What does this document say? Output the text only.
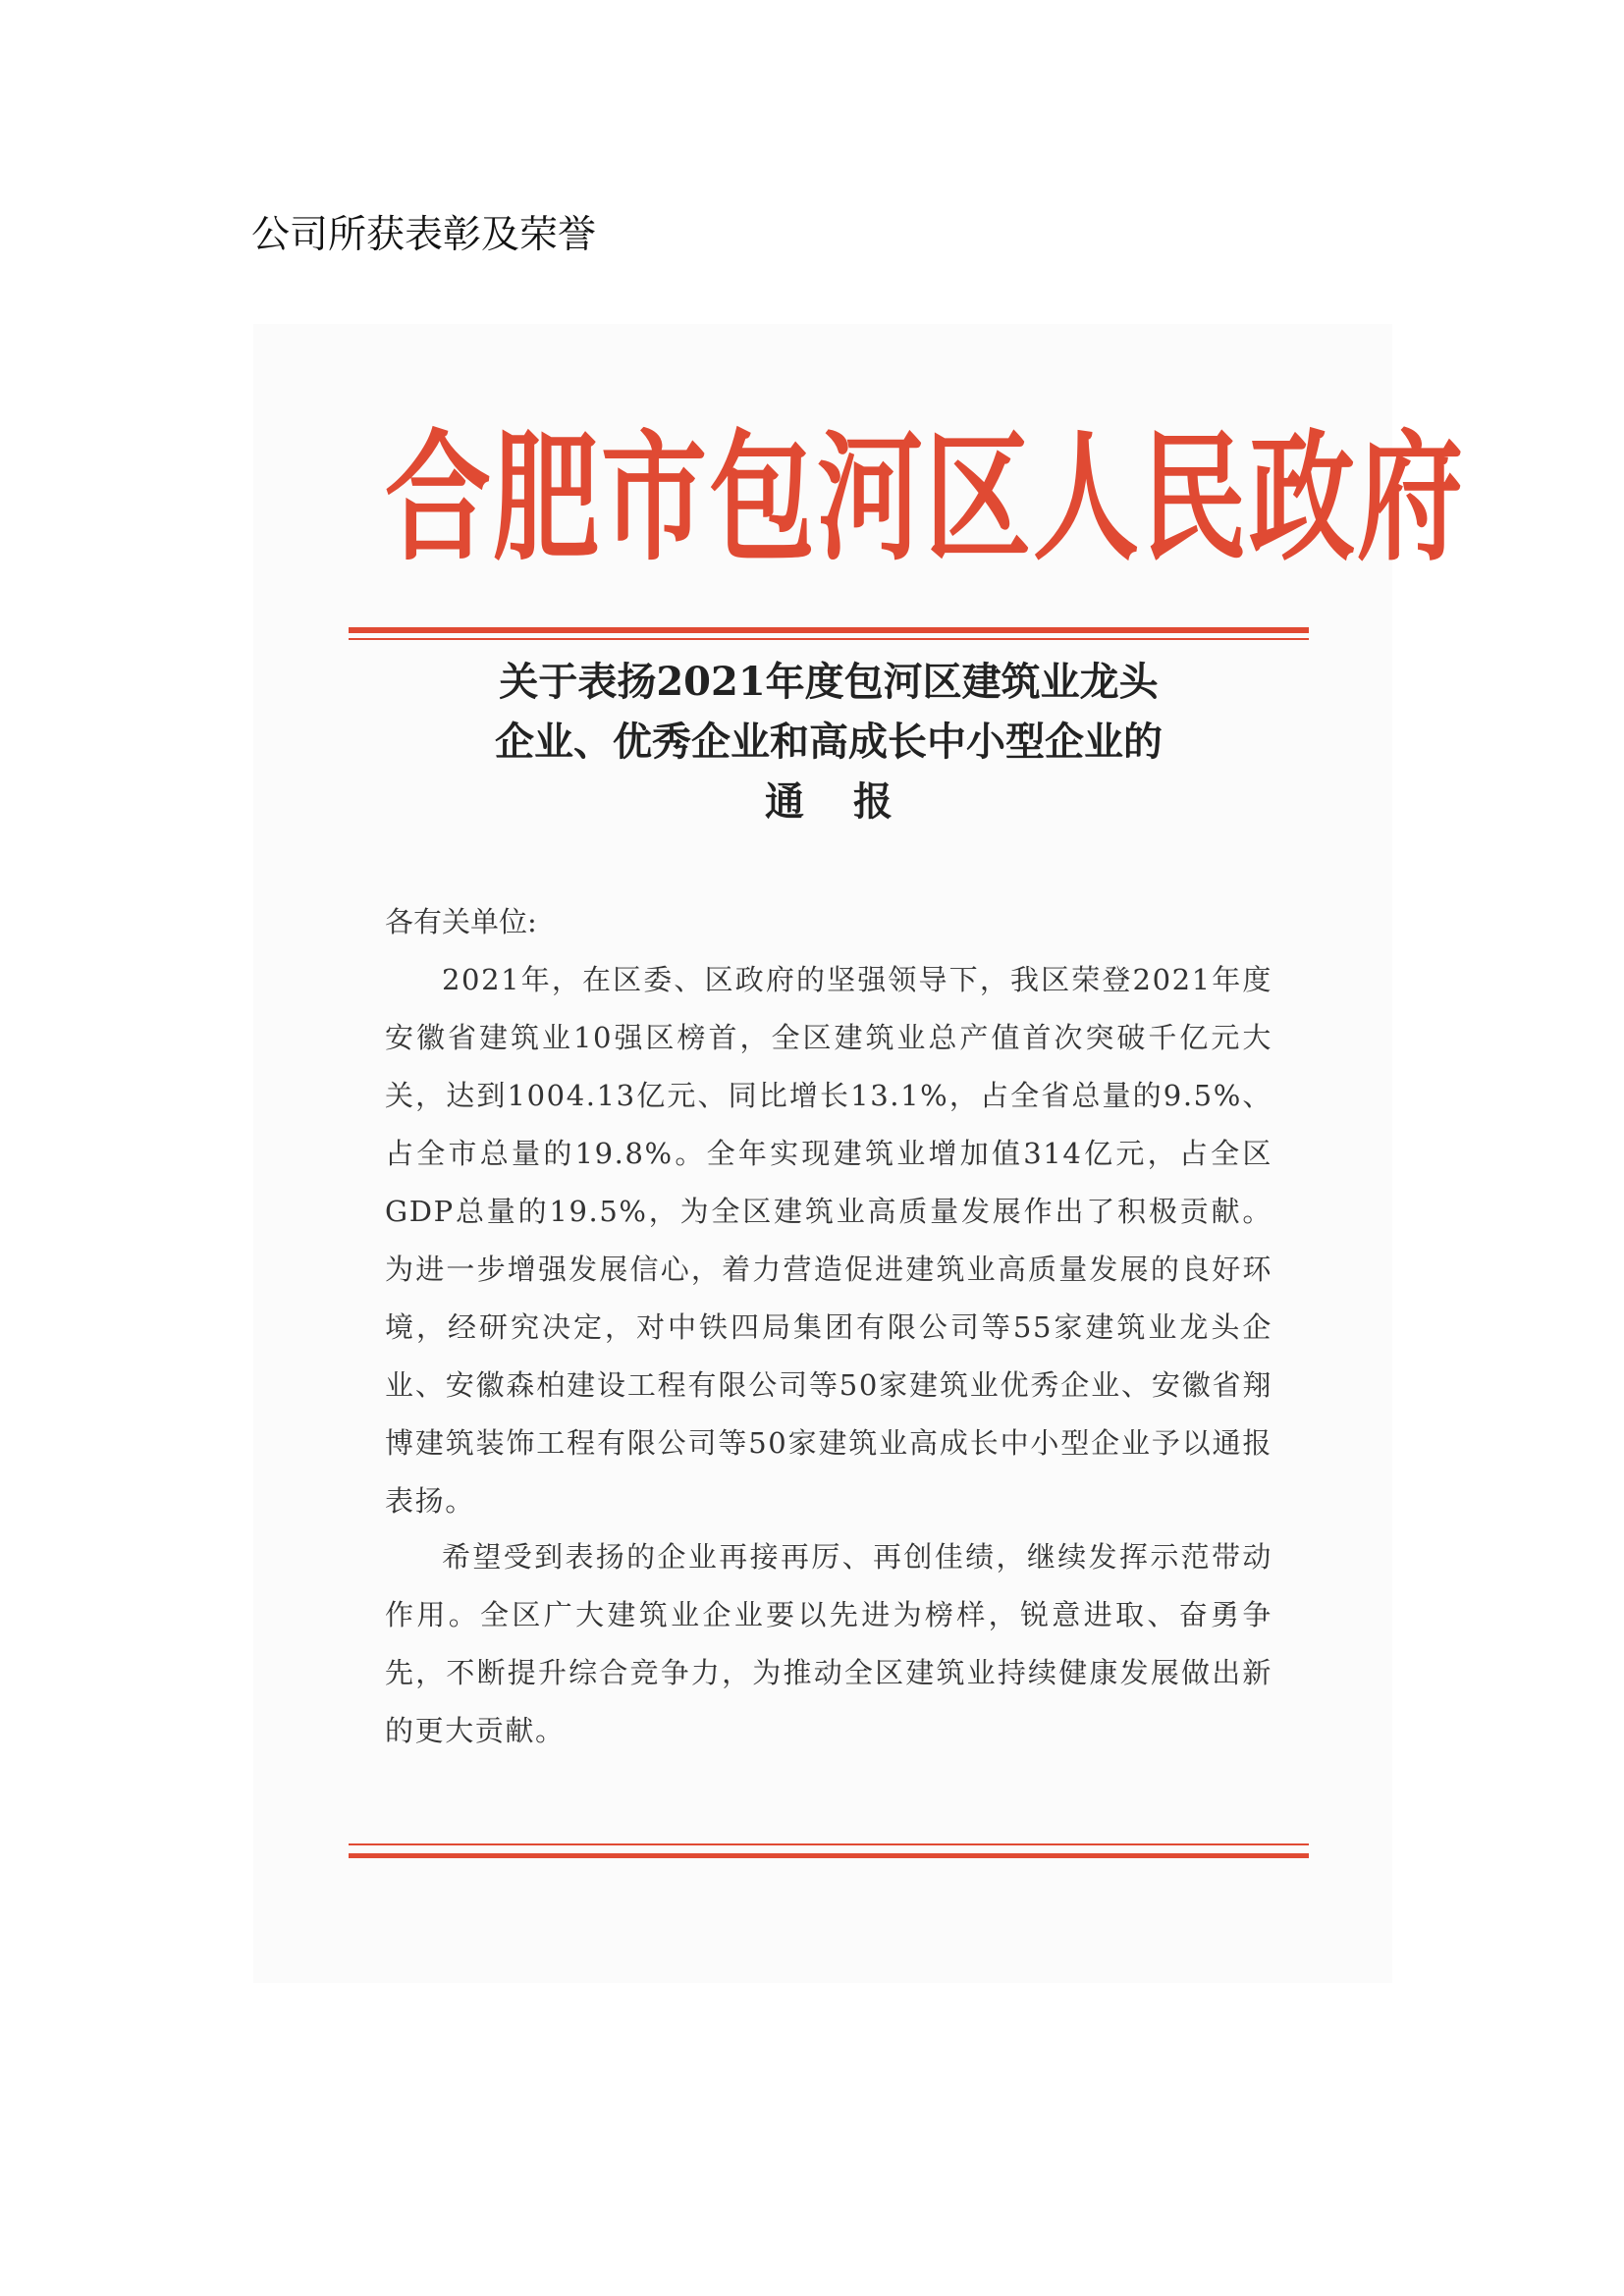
公司所获表彰及荣誉
合肥市包河区人民政府
关于表扬2021年度包河区建筑业龙头
企业、优秀企业和高成长中小型企业的
通报
各有关单位:

2021年，在区委、区政府的坚强领导下，我区荣登2021年度安徽省建筑业10强区榜首，全区建筑业总产值首次突破千亿元大关，达到1004.13亿元、同比增长13.1%，占全省总量的9.5%、占全市总量的19.8%。全年实现建筑业增加值314亿元，占全区GDP总量的19.5%，为全区建筑业高质量发展作出了积极贡献。为进一步增强发展信心，着力营造促进建筑业高质量发展的良好环境，经研究决定，对中铁四局集团有限公司等55家建筑业龙头企业、安徽森柏建设工程有限公司等50家建筑业优秀企业、安徽省翔博建筑装饰工程有限公司等50家建筑业高成长中小型企业予以通报表扬。

希望受到表扬的企业再接再厉、再创佳绩，继续发挥示范带动作用。全区广大建筑业企业要以先进为榜样，锐意进取、奋勇争先，不断提升综合竞争力，为推动全区建筑业持续健康发展做出新的更大贡献。
